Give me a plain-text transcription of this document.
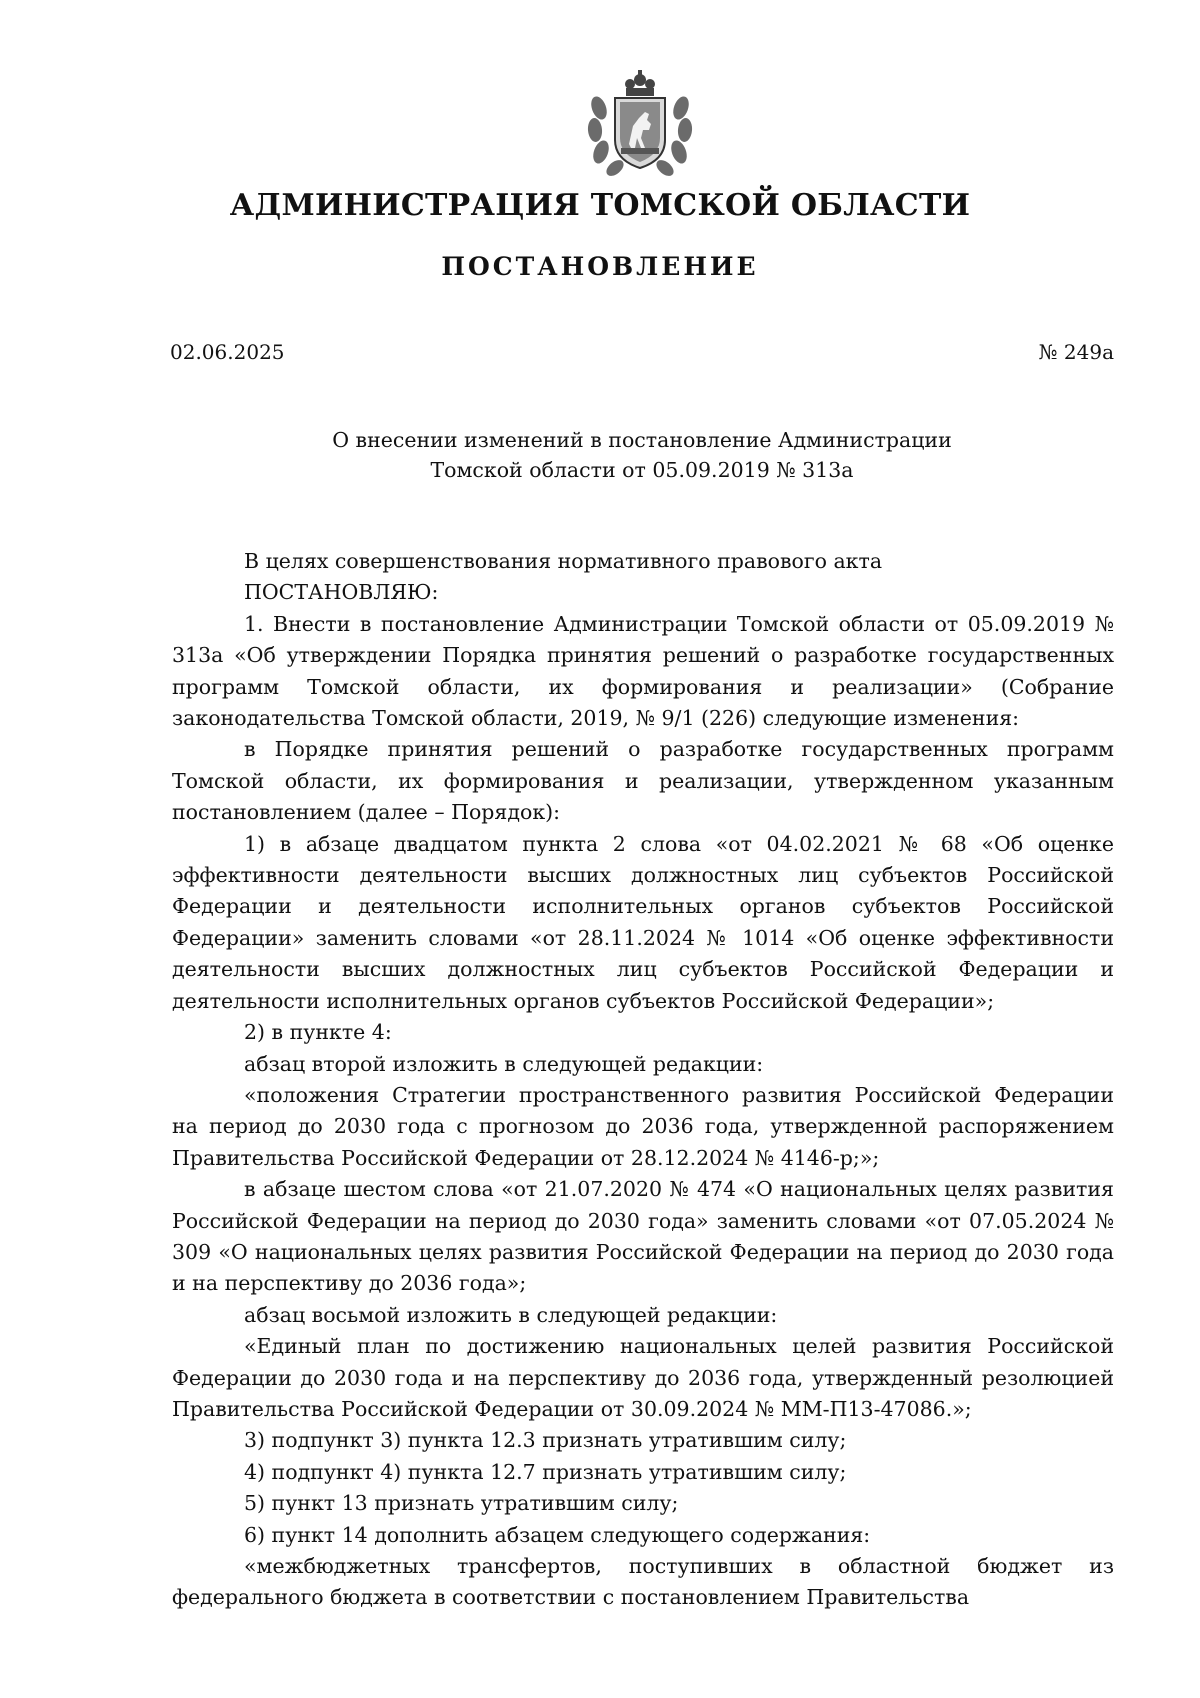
АДМИНИСТРАЦИЯ ТОМСКОЙ ОБЛАСТИ
ПОСТАНОВЛЕНИЕ
02.06.2025	№ 249а
О внесении изменений в постановление Администрации
Томской области от 05.09.2019 № 313а

В целях совершенствования нормативного правового акта

ПОСТАНОВЛЯЮ:

1. Внести в постановление Администрации Томской области от 05.09.2019 № 313а «Об утверждении Порядка принятия решений о разработке государственных программ Томской области, их формирования и реализации» (Собрание законодательства Томской области, 2019, № 9/1 (226) следующие изменения:

в Порядке принятия решений о разработке государственных программ Томской области, их формирования и реализации, утвержденном указанным постановлением (далее – Порядок):

1) в абзаце двадцатом пункта 2 слова «от 04.02.2021 № 68 «Об оценке эффективности деятельности высших должностных лиц субъектов Российской Федерации и деятельности исполнительных органов субъектов Российской Федерации» заменить словами «от 28.11.2024 № 1014 «Об оценке эффективности деятельности высших должностных лиц субъектов Российской Федерации и деятельности исполнительных органов субъектов Российской Федерации»;

2) в пункте 4:

абзац второй изложить в следующей редакции:

«положения Стратегии пространственного развития Российской Федерации на период до 2030 года с прогнозом до 2036 года, утвержденной распоряжением Правительства Российской Федерации от 28.12.2024 № 4146-р;»;

в абзаце шестом слова «от 21.07.2020 № 474 «О национальных целях развития Российской Федерации на период до 2030 года» заменить словами «от 07.05.2024 № 309 «О национальных целях развития Российской Федерации на период до 2030 года и на перспективу до 2036 года»;

абзац восьмой изложить в следующей редакции:

«Единый план по достижению национальных целей развития Российской Федерации до 2030 года и на перспективу до 2036 года, утвержденный резолюцией Правительства Российской Федерации от 30.09.2024 № ММ-П13-47086.»;

3) подпункт 3) пункта 12.3 признать утратившим силу;

4) подпункт 4) пункта 12.7 признать утратившим силу;

5) пункт 13 признать утратившим силу;

6) пункт 14 дополнить абзацем следующего содержания:

«межбюджетных трансфертов, поступивших в областной бюджет из федерального бюджета в соответствии с постановлением Правительства
